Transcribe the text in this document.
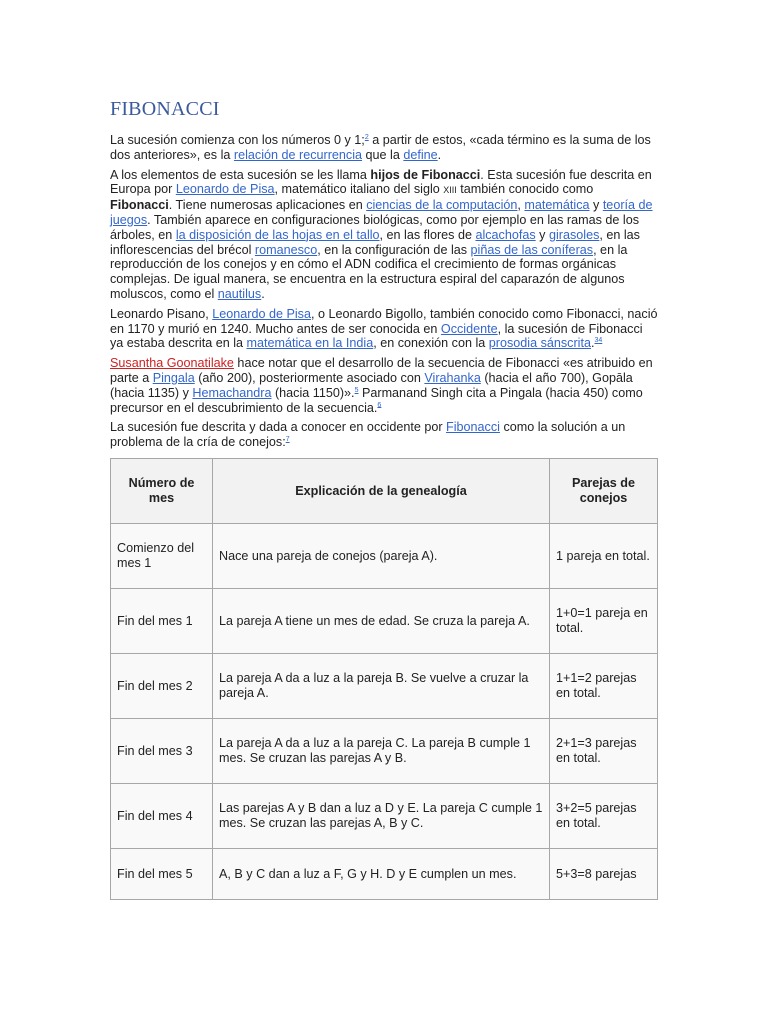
FIBONACCI

La sucesión comienza con los números 0 y 1;$^2$ a partir de estos, «cada término es la suma de los dos anteriores», es la relación de recurrencia que la define.

A los elementos de esta sucesión se les llama hijos de Fibonacci. Esta sucesión fue descrita en Europa por Leonardo de Pisa, matemático italiano del siglo XIII también conocido como Fibonacci. Tiene numerosas aplicaciones en ciencias de la computación, matemática y teoría de juegos. También aparece en configuraciones biológicas, como por ejemplo en las ramas de los árboles, en la disposición de las hojas en el tallo, en las flores de alcachofas y girasoles, en las inflorescencias del brécol romanesco, en la configuración de las piñas de las coníferas, en la reproducción de los conejos y en cómo el ADN codifica el crecimiento de formas orgánicas complejas. De igual manera, se encuentra en la estructura espiral del caparazón de algunos moluscos, como el nautilus.

Leonardo Pisano, Leonardo de Pisa, o Leonardo Bigollo, también conocido como Fibonacci, nació en 1170 y murió en 1240. Mucho antes de ser conocida en Occidente, la sucesión de Fibonacci ya estaba descrita en la matemática en la India, en conexión con la prosodia sánscrita.$^{34}$

Susantha Goonatilake hace notar que el desarrollo de la secuencia de Fibonacci «es atribuido en parte a Pingala (año 200), posteriormente asociado con Virahanka (hacia el año 700), Gopāla (hacia 1135) y Hemachandra (hacia 1150)».$^5$ Parmanand Singh cita a Pingala (hacia 450) como precursor en el descubrimiento de la secuencia.$^6$

La sucesión fue descrita y dada a conocer en occidente por Fibonacci como la solución a un problema de la cría de conejos:$^7$

Número de mes	Explicación de la genealogía	Parejas de conejos
Comienzo del mes 1	Nace una pareja de conejos (pareja A).	1 pareja en total.
Fin del mes 1	La pareja A tiene un mes de edad. Se cruza la pareja A.	1+0=1 pareja en total.
Fin del mes 2	La pareja A da a luz a la pareja B. Se vuelve a cruzar la pareja A.	1+1=2 parejas en total.
Fin del mes 3	La pareja A da a luz a la pareja C. La pareja B cumple 1 mes. Se cruzan las parejas A y B.	2+1=3 parejas en total.
Fin del mes 4	Las parejas A y B dan a luz a D y E. La pareja C cumple 1 mes. Se cruzan las parejas A, B y C.	3+2=5 parejas en total.
Fin del mes 5	A, B y C dan a luz a F, G y H. D y E cumplen un mes.	5+3=8 parejas
